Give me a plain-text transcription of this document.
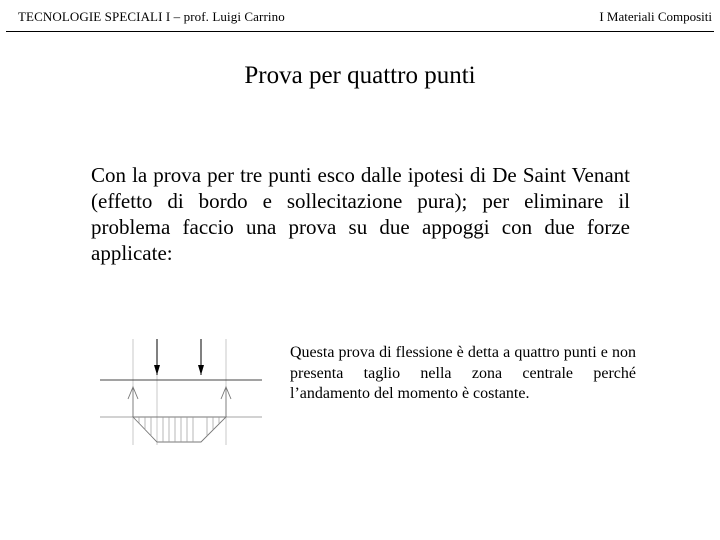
TECNOLOGIE SPECIALI I – prof. Luigi Carrino	I Materiali Compositi
Prova per quattro punti
Con la prova per tre punti esco dalle ipotesi di De Saint Venant (effetto di bordo e sollecitazione pura); per eliminare il problema faccio una prova su due appoggi con due forze applicate:
Questa prova di flessione è detta a quattro punti e non presenta taglio nella zona centrale perché l’andamento del momento è costante.
